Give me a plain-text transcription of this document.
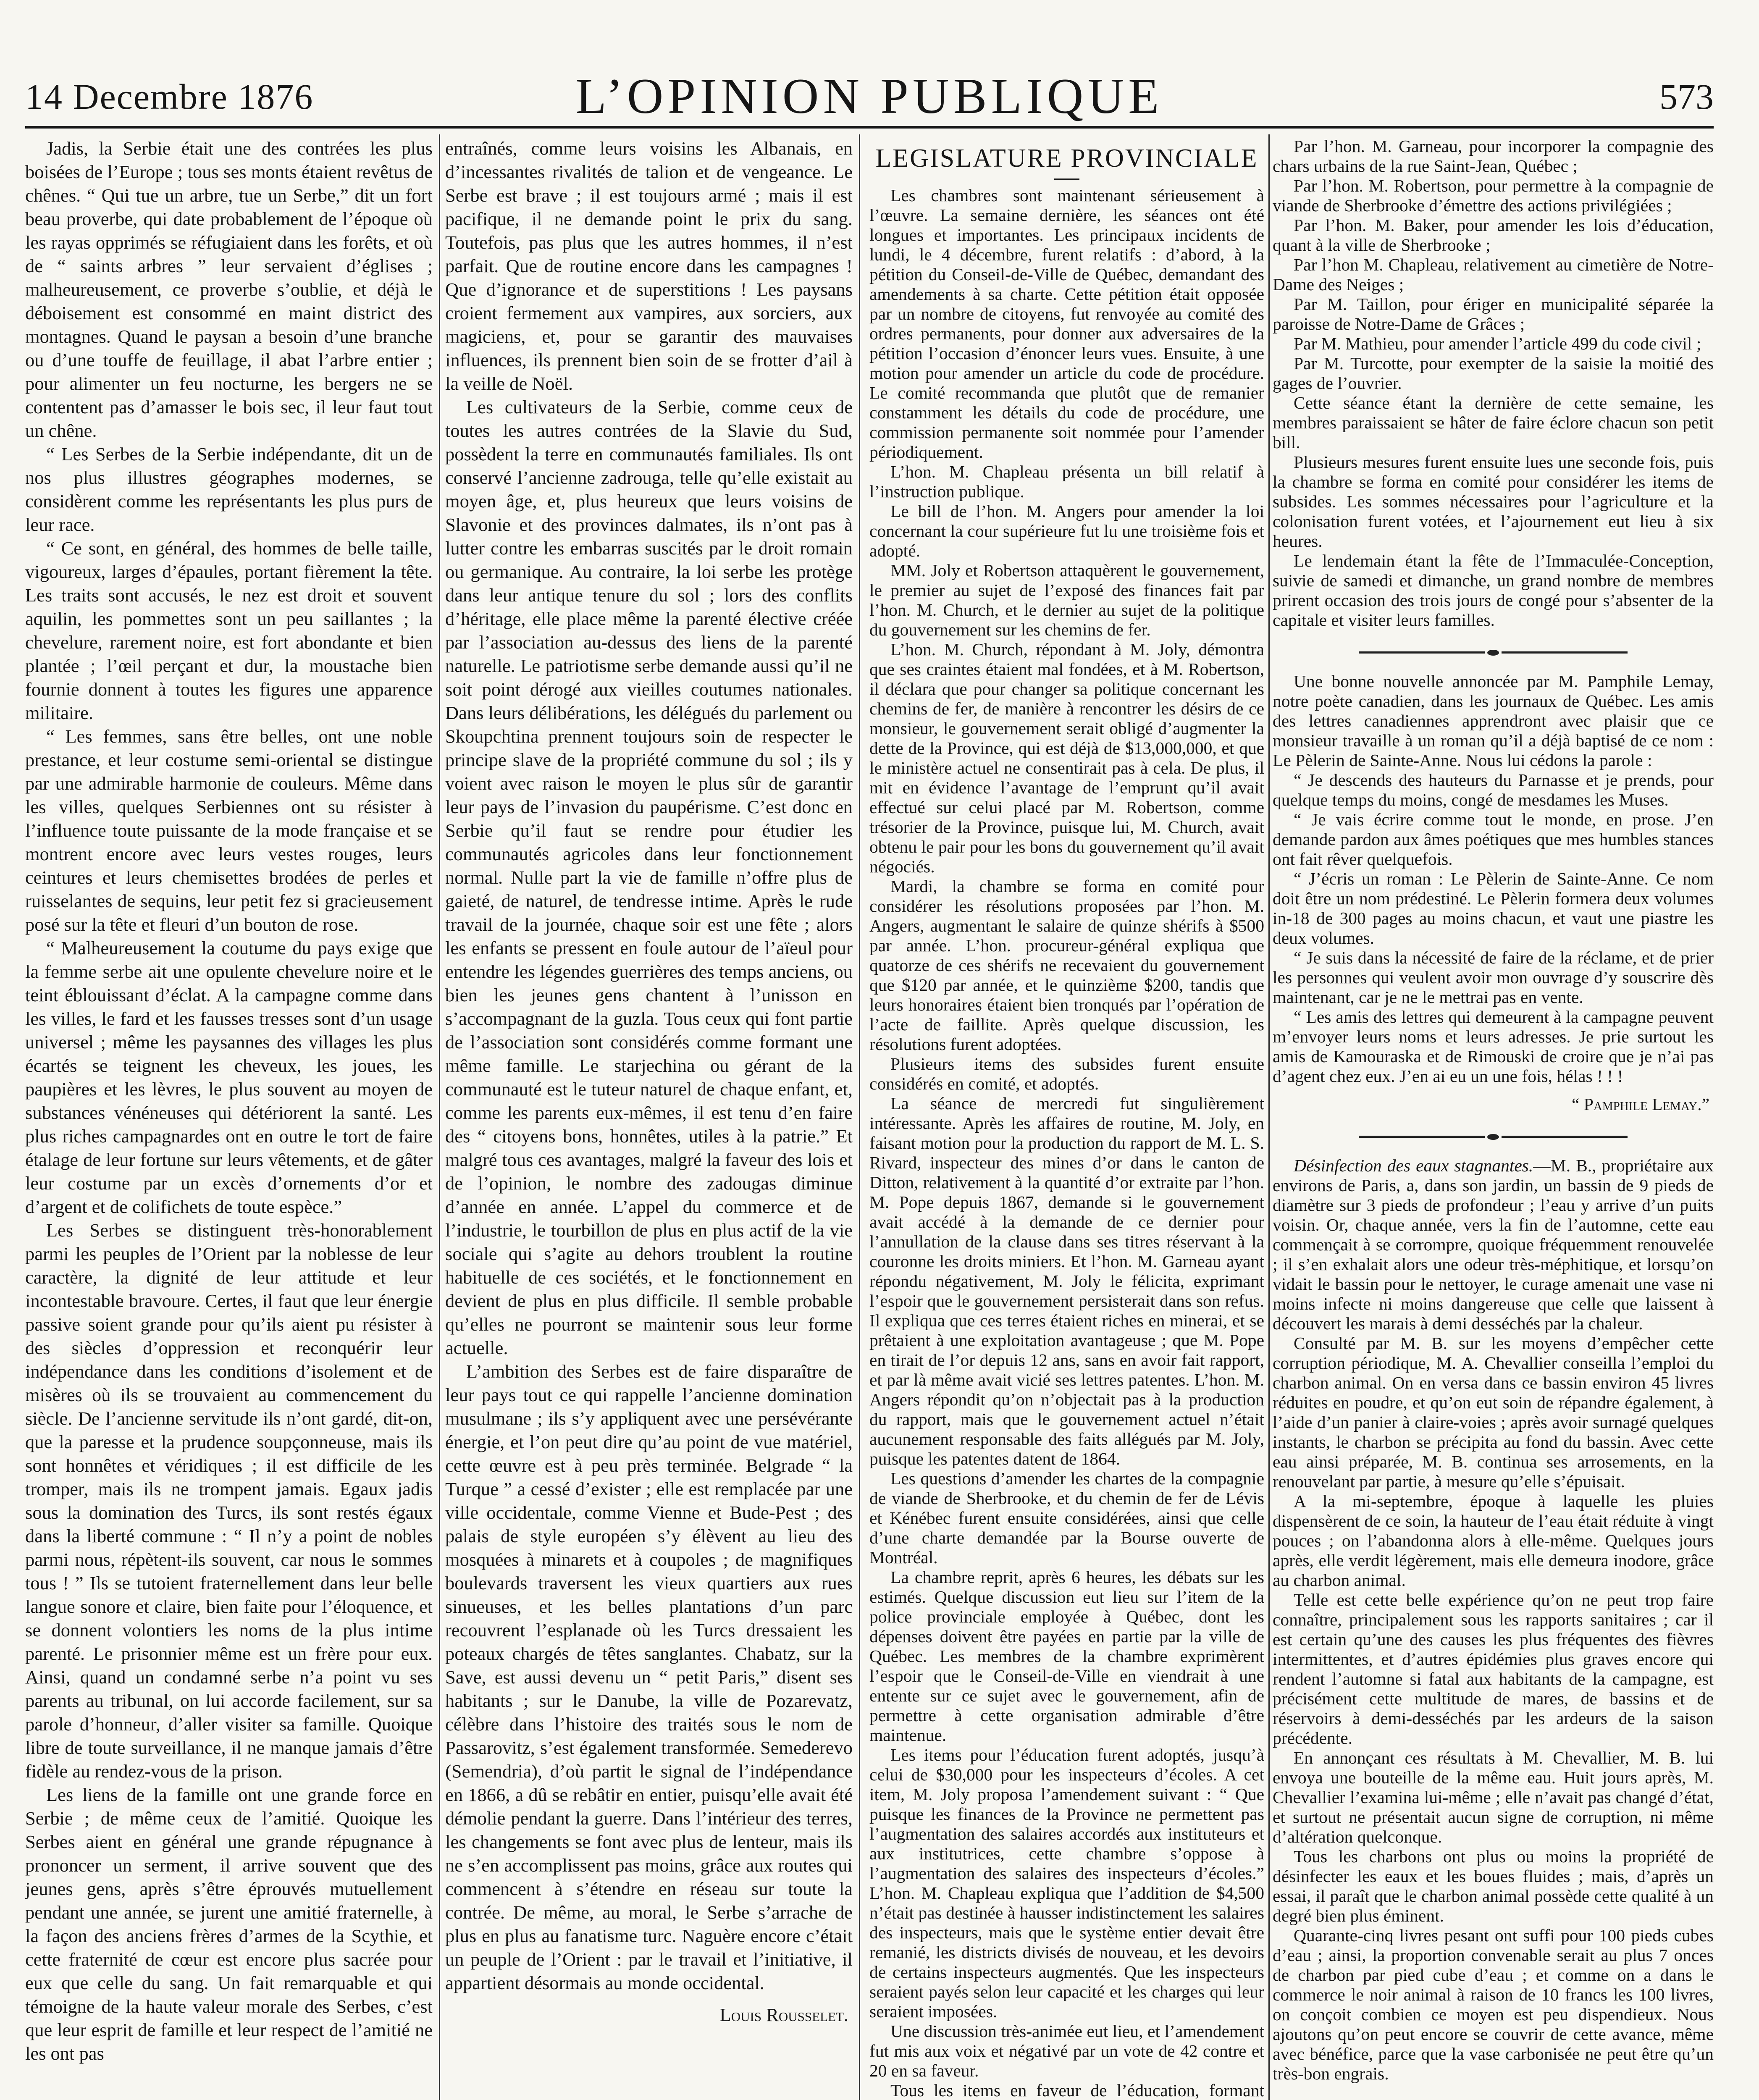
14 Decembre 1876	L’OPINION PUBLIQUE	573

Jadis, la Serbie était une des contrées les plus boisées de l’Europe ; tous ses monts étaient revêtus de chênes. “ Qui tue un arbre, tue un Serbe,” dit un fort beau proverbe, qui date probablement de l’époque où les rayas opprimés se réfugiaient dans les forêts, et où de “ saints arbres ” leur servaient d’églises ; malheureusement, ce proverbe s’oublie, et déjà le déboisement est consommé en maint district des montagnes. Quand le paysan a besoin d’une branche ou d’une touffe de feuillage, il abat l’arbre entier ; pour alimenter un feu nocturne, les bergers ne se contentent pas d’amasser le bois sec, il leur faut tout un chêne.

“ Les Serbes de la Serbie indépendante, dit un de nos plus illustres géographes modernes, se considèrent comme les représentants les plus purs de leur race.

“ Ce sont, en général, des hommes de belle taille, vigoureux, larges d’épaules, portant fièrement la tête. Les traits sont accusés, le nez est droit et souvent aquilin, les pommettes sont un peu saillantes ; la chevelure, rarement noire, est fort abondante et bien plantée ; l’œil perçant et dur, la moustache bien fournie donnent à toutes les figures une apparence militaire.

“ Les femmes, sans être belles, ont une noble prestance, et leur costume semi-oriental se distingue par une admirable harmonie de couleurs. Même dans les villes, quelques Serbiennes ont su résister à l’influence toute puissante de la mode française et se montrent encore avec leurs vestes rouges, leurs ceintures et leurs chemisettes brodées de perles et ruisselantes de sequins, leur petit fez si gracieusement posé sur la tête et fleuri d’un bouton de rose.

“ Malheureusement la coutume du pays exige que la femme serbe ait une opulente chevelure noire et le teint éblouissant d’éclat. A la campagne comme dans les villes, le fard et les fausses tresses sont d’un usage universel ; même les paysannes des villages les plus écartés se teignent les cheveux, les joues, les paupières et les lèvres, le plus souvent au moyen de substances vénéneuses qui détériorent la santé. Les plus riches campagnardes ont en outre le tort de faire étalage de leur fortune sur leurs vêtements, et de gâter leur costume par un excès d’ornements d’or et d’argent et de colifichets de toute espèce.”

Les Serbes se distinguent très-honorablement parmi les peuples de l’Orient par la noblesse de leur caractère, la dignité de leur attitude et leur incontestable bravoure. Certes, il faut que leur énergie passive soient grande pour qu’ils aient pu résister à des siècles d’oppression et reconquérir leur indépendance dans les conditions d’isolement et de misères où ils se trouvaient au commencement du siècle. De l’ancienne servitude ils n’ont gardé, dit-on, que la paresse et la prudence soupçonneuse, mais ils sont honnêtes et véridiques ; il est difficile de les tromper, mais ils ne trompent jamais. Egaux jadis sous la domination des Turcs, ils sont restés égaux dans la liberté commune : “ Il n’y a point de nobles parmi nous, répètent-ils souvent, car nous le sommes tous ! ” Ils se tutoient fraternellement dans leur belle langue sonore et claire, bien faite pour l’éloquence, et se donnent volontiers les noms de la plus intime parenté. Le prisonnier même est un frère pour eux. Ainsi, quand un condamné serbe n’a point vu ses parents au tribunal, on lui accorde facilement, sur sa parole d’honneur, d’aller visiter sa famille. Quoique libre de toute surveillance, il ne manque jamais d’être fidèle au rendez-vous de la prison.

Les liens de la famille ont une grande force en Serbie ; de même ceux de l’amitié. Quoique les Serbes aient en général une grande répugnance à prononcer un serment, il arrive souvent que des jeunes gens, après s’être éprouvés mutuellement pendant une année, se jurent une amitié fraternelle, à la façon des anciens frères d’armes de la Scythie, et cette fraternité de cœur est encore plus sacrée pour eux que celle du sang. Un fait remarquable et qui témoigne de la haute valeur morale des Serbes, c’est que leur esprit de famille et leur respect de l’amitié ne les ont pas

entraînés, comme leurs voisins les Albanais, en d’incessantes rivalités de talion et de vengeance. Le Serbe est brave ; il est toujours armé ; mais il est pacifique, il ne demande point le prix du sang. Toutefois, pas plus que les autres hommes, il n’est parfait. Que de routine encore dans les campagnes ! Que d’ignorance et de superstitions ! Les paysans croient fermement aux vampires, aux sorciers, aux magiciens, et, pour se garantir des mauvaises influences, ils prennent bien soin de se frotter d’ail à la veille de Noël.

Les cultivateurs de la Serbie, comme ceux de toutes les autres contrées de la Slavie du Sud, possèdent la terre en communautés familiales. Ils ont conservé l’ancienne zadrouga, telle qu’elle existait au moyen âge, et, plus heureux que leurs voisins de Slavonie et des provinces dalmates, ils n’ont pas à lutter contre les embarras suscités par le droit romain ou germanique. Au contraire, la loi serbe les protège dans leur antique tenure du sol ; lors des conflits d’héritage, elle place même la parenté élective créée par l’association au-dessus des liens de la parenté naturelle. Le patriotisme serbe demande aussi qu’il ne soit point dérogé aux vieilles coutumes nationales. Dans leurs délibérations, les délégués du parlement ou Skoupchtina prennent toujours soin de respecter le principe slave de la propriété commune du sol ; ils y voient avec raison le moyen le plus sûr de garantir leur pays de l’invasion du paupérisme. C’est donc en Serbie qu’il faut se rendre pour étudier les communautés agricoles dans leur fonctionnement normal. Nulle part la vie de famille n’offre plus de gaieté, de naturel, de tendresse intime. Après le rude travail de la journée, chaque soir est une fête ; alors les enfants se pressent en foule autour de l’aïeul pour entendre les légendes guerrières des temps anciens, ou bien les jeunes gens chantent à l’unisson en s’accompagnant de la guzla. Tous ceux qui font partie de l’association sont considérés comme formant une même famille. Le starjechina ou gérant de la communauté est le tuteur naturel de chaque enfant, et, comme les parents eux-mêmes, il est tenu d’en faire des “ citoyens bons, honnêtes, utiles à la patrie.” Et malgré tous ces avantages, malgré la faveur des lois et de l’opinion, le nombre des zadougas diminue d’année en année. L’appel du commerce et de l’industrie, le tourbillon de plus en plus actif de la vie sociale qui s’agite au dehors troublent la routine habituelle de ces sociétés, et le fonctionnement en devient de plus en plus difficile. Il semble probable qu’elles ne pourront se maintenir sous leur forme actuelle.

L’ambition des Serbes est de faire disparaître de leur pays tout ce qui rappelle l’ancienne domination musulmane ; ils s’y appliquent avec une persévérante énergie, et l’on peut dire qu’au point de vue matériel, cette œuvre est à peu près terminée. Belgrade “ la Turque ” a cessé d’exister ; elle est remplacée par une ville occidentale, comme Vienne et Bude-Pest ; des palais de style européen s’y élèvent au lieu des mosquées à minarets et à coupoles ; de magnifiques boulevards traversent les vieux quartiers aux rues sinueuses, et les belles plantations d’un parc recouvrent l’esplanade où les Turcs dressaient les poteaux chargés de têtes sanglantes. Chabatz, sur la Save, est aussi devenu un “ petit Paris,” disent ses habitants ; sur le Danube, la ville de Pozarevatz, célèbre dans l’histoire des traités sous le nom de Passarovitz, s’est également transformée. Semederevo (Semendria), d’où partit le signal de l’indépendance en 1866, a dû se rebâtir en entier, puisqu’elle avait été démolie pendant la guerre. Dans l’intérieur des terres, les changements se font avec plus de lenteur, mais ils ne s’en accomplissent pas moins, grâce aux routes qui commencent à s’étendre en réseau sur toute la contrée. De même, au moral, le Serbe s’arrache de plus en plus au fanatisme turc. Naguère encore c’était un peuple de l’Orient : par le travail et l’initiative, il appartient désormais au monde occidental.

Louis Rousselet.
LEGISLATURE PROVINCIALE

Les chambres sont maintenant sérieusement à l’œuvre. La semaine dernière, les séances ont été longues et importantes. Les principaux incidents de lundi, le 4 décembre, furent relatifs : d’abord, à la pétition du Conseil-de-Ville de Québec, demandant des amendements à sa charte. Cette pétition était opposée par un nombre de citoyens, fut renvoyée au comité des ordres permanents, pour donner aux adversaires de la pétition l’occasion d’énoncer leurs vues. Ensuite, à une motion pour amender un article du code de procédure. Le comité recommanda que plutôt que de remanier constamment les détails du code de procédure, une commission permanente soit nommée pour l’amender périodiquement.

L’hon. M. Chapleau présenta un bill relatif à l’instruction publique.

Le bill de l’hon. M. Angers pour amender la loi concernant la cour supérieure fut lu une troisième fois et adopté.

MM. Joly et Robertson attaquèrent le gouvernement, le premier au sujet de l’exposé des finances fait par l’hon. M. Church, et le dernier au sujet de la politique du gouvernement sur les chemins de fer.

L’hon. M. Church, répondant à M. Joly, démontra que ses craintes étaient mal fondées, et à M. Robertson, il déclara que pour changer sa politique concernant les chemins de fer, de manière à rencontrer les désirs de ce monsieur, le gouvernement serait obligé d’augmenter la dette de la Province, qui est déjà de $13,000,000, et que le ministère actuel ne consentirait pas à cela. De plus, il mit en évidence l’avantage de l’emprunt qu’il avait effectué sur celui placé par M. Robertson, comme trésorier de la Province, puisque lui, M. Church, avait obtenu le pair pour les bons du gouvernement qu’il avait négociés.

Mardi, la chambre se forma en comité pour considérer les résolutions proposées par l’hon. M. Angers, augmentant le salaire de quinze shérifs à $500 par année. L’hon. procureur-général expliqua que quatorze de ces shérifs ne recevaient du gouvernement que $120 par année, et le quinzième $200, tandis que leurs honoraires étaient bien tronqués par l’opération de l’acte de faillite. Après quelque discussion, les résolutions furent adoptées.

Plusieurs items des subsides furent ensuite considérés en comité, et adoptés.

La séance de mercredi fut singulièrement intéressante. Après les affaires de routine, M. Joly, en faisant motion pour la production du rapport de M. L. S. Rivard, inspecteur des mines d’or dans le canton de Ditton, relativement à la quantité d’or extraite par l’hon. M. Pope depuis 1867, demande si le gouvernement avait accédé à la demande de ce dernier pour l’annullation de la clause dans ses titres réservant à la couronne les droits miniers. Et l’hon. M. Garneau ayant répondu négativement, M. Joly le félicita, exprimant l’espoir que le gouvernement persisterait dans son refus. Il expliqua que ces terres étaient riches en minerai, et se prêtaient à une exploitation avantageuse ; que M. Pope en tirait de l’or depuis 12 ans, sans en avoir fait rapport, et par là même avait vicié ses lettres patentes. L’hon. M. Angers répondit qu’on n’objectait pas à la production du rapport, mais que le gouvernement actuel n’était aucunement responsable des faits allégués par M. Joly, puisque les patentes datent de 1864.

Les questions d’amender les chartes de la compagnie de viande de Sherbrooke, et du chemin de fer de Lévis et Kénébec furent ensuite considérées, ainsi que celle d’une charte demandée par la Bourse ouverte de Montréal.

La chambre reprit, après 6 heures, les débats sur les estimés. Quelque discussion eut lieu sur l’item de la police provinciale employée à Québec, dont les dépenses doivent être payées en partie par la ville de Québec. Les membres de la chambre exprimèrent l’espoir que le Conseil-de-Ville en viendrait à une entente sur ce sujet avec le gouvernement, afin de permettre à cette organisation admirable d’être maintenue.

Les items pour l’éducation furent adoptés, jusqu’à celui de $30,000 pour les inspecteurs d’écoles. A cet item, M. Joly proposa l’amendement suivant : “ Que puisque les finances de la Province ne permettent pas l’augmentation des salaires accordés aux instituteurs et aux institutrices, cette chambre s’oppose à l’augmentation des salaires des inspecteurs d’écoles.” L’hon. M. Chapleau expliqua que l’addition de $4,500 n’était pas destinée à hausser indistinctement les salaires des inspecteurs, mais que le système entier devait être remanié, les districts divisés de nouveau, et les devoirs de certains inspecteurs augmentés. Que les inspecteurs seraient payés selon leur capacité et les charges qui leur seraient imposées.

Une discussion très-animée eut lieu, et l’amendement fut mis aux voix et négativé par un vote de 42 contre et 20 en sa faveur.

Tous les items en faveur de l’éducation, formant

Par l’hon. M. Garneau, pour incorporer la compagnie des chars urbains de la rue Saint-Jean, Québec ;

Par l’hon. M. Robertson, pour permettre à la compagnie de viande de Sherbrooke d’émettre des actions privilégiées ;

Par l’hon. M. Baker, pour amender les lois d’éducation, quant à la ville de Sherbrooke ;

Par l’hon M. Chapleau, relativement au cimetière de Notre-Dame des Neiges ;

Par M. Taillon, pour ériger en municipalité séparée la paroisse de Notre-Dame de Grâces ;

Par M. Mathieu, pour amender l’article 499 du code civil ;

Par M. Turcotte, pour exempter de la saisie la moitié des gages de l’ouvrier.

Cette séance étant la dernière de cette semaine, les membres paraissaient se hâter de faire éclore chacun son petit bill.

Plusieurs mesures furent ensuite lues une seconde fois, puis la chambre se forma en comité pour considérer les items de subsides. Les sommes nécessaires pour l’agriculture et la colonisation furent votées, et l’ajournement eut lieu à six heures.

Le lendemain étant la fête de l’Immaculée-Conception, suivie de samedi et dimanche, un grand nombre de membres prirent occasion des trois jours de congé pour s’absenter de la capitale et visiter leurs familles.

Une bonne nouvelle annoncée par M. Pamphile Lemay, notre poète canadien, dans les journaux de Québec. Les amis des lettres canadiennes apprendront avec plaisir que ce monsieur travaille à un roman qu’il a déjà baptisé de ce nom : Le Pèlerin de Sainte-Anne. Nous lui cédons la parole :

“ Je descends des hauteurs du Parnasse et je prends, pour quelque temps du moins, congé de mesdames les Muses.

“ Je vais écrire comme tout le monde, en prose. J’en demande pardon aux âmes poétiques que mes humbles stances ont fait rêver quelquefois.

“ J’écris un roman : Le Pèlerin de Sainte-Anne. Ce nom doit être un nom prédestiné. Le Pèlerin formera deux volumes in-18 de 300 pages au moins chacun, et vaut une piastre les deux volumes.

“ Je suis dans la nécessité de faire de la réclame, et de prier les personnes qui veulent avoir mon ouvrage d’y souscrire dès maintenant, car je ne le mettrai pas en vente.

“ Les amis des lettres qui demeurent à la campagne peuvent m’envoyer leurs noms et leurs adresses. Je prie surtout les amis de Kamouraska et de Rimouski de croire que je n’ai pas d’agent chez eux. J’en ai eu un une fois, hélas ! ! !

“ Pamphile Lemay.”

Désinfection des eaux stagnantes.—M. B., propriétaire aux environs de Paris, a, dans son jardin, un bassin de 9 pieds de diamètre sur 3 pieds de profondeur ; l’eau y arrive d’un puits voisin. Or, chaque année, vers la fin de l’automne, cette eau commençait à se corrompre, quoique fréquemment renouvelée ; il s’en exhalait alors une odeur très-méphitique, et lorsqu’on vidait le bassin pour le nettoyer, le curage amenait une vase ni moins infecte ni moins dangereuse que celle que laissent à découvert les marais à demi desséchés par la chaleur.

Consulté par M. B. sur les moyens d’empêcher cette corruption périodique, M. A. Chevallier conseilla l’emploi du charbon animal. On en versa dans ce bassin environ 45 livres réduites en poudre, et qu’on eut soin de répandre également, à l’aide d’un panier à claire-voies ; après avoir surnagé quelques instants, le charbon se précipita au fond du bassin. Avec cette eau ainsi préparée, M. B. continua ses arrosements, en la renouvelant par partie, à mesure qu’elle s’épuisait.

A la mi-septembre, époque à laquelle les pluies dispensèrent de ce soin, la hauteur de l’eau était réduite à vingt pouces ; on l’abandonna alors à elle-même. Quelques jours après, elle verdit légèrement, mais elle demeura inodore, grâce au charbon animal.

Telle est cette belle expérience qu’on ne peut trop faire connaître, principalement sous les rapports sanitaires ; car il est certain qu’une des causes les plus fréquentes des fièvres intermittentes, et d’autres épidémies plus graves encore qui rendent l’automne si fatal aux habitants de la campagne, est précisément cette multitude de mares, de bassins et de réservoirs à demi-desséchés par les ardeurs de la saison précédente.

En annonçant ces résultats à M. Chevallier, M. B. lui envoya une bouteille de la même eau. Huit jours après, M. Chevallier l’examina lui-même ; elle n’avait pas changé d’état, et surtout ne présentait aucun signe de corruption, ni même d’altération quelconque.

Tous les charbons ont plus ou moins la propriété de désinfecter les eaux et les boues fluides ; mais, d’après un essai, il paraît que le charbon animal possède cette qualité à un degré bien plus éminent.

Quarante-cinq livres pesant ont suffi pour 100 pieds cubes d’eau ; ainsi, la proportion convenable serait au plus 7 onces de charbon par pied cube d’eau ; et comme on a dans le commerce le noir animal à raison de 10 francs les 100 livres, on conçoit combien ce moyen est peu dispendieux. Nous ajoutons qu’on peut encore se couvrir de cette avance, même avec bénéfice, parce que la vase carbonisée ne peut être qu’un très-bon engrais.
